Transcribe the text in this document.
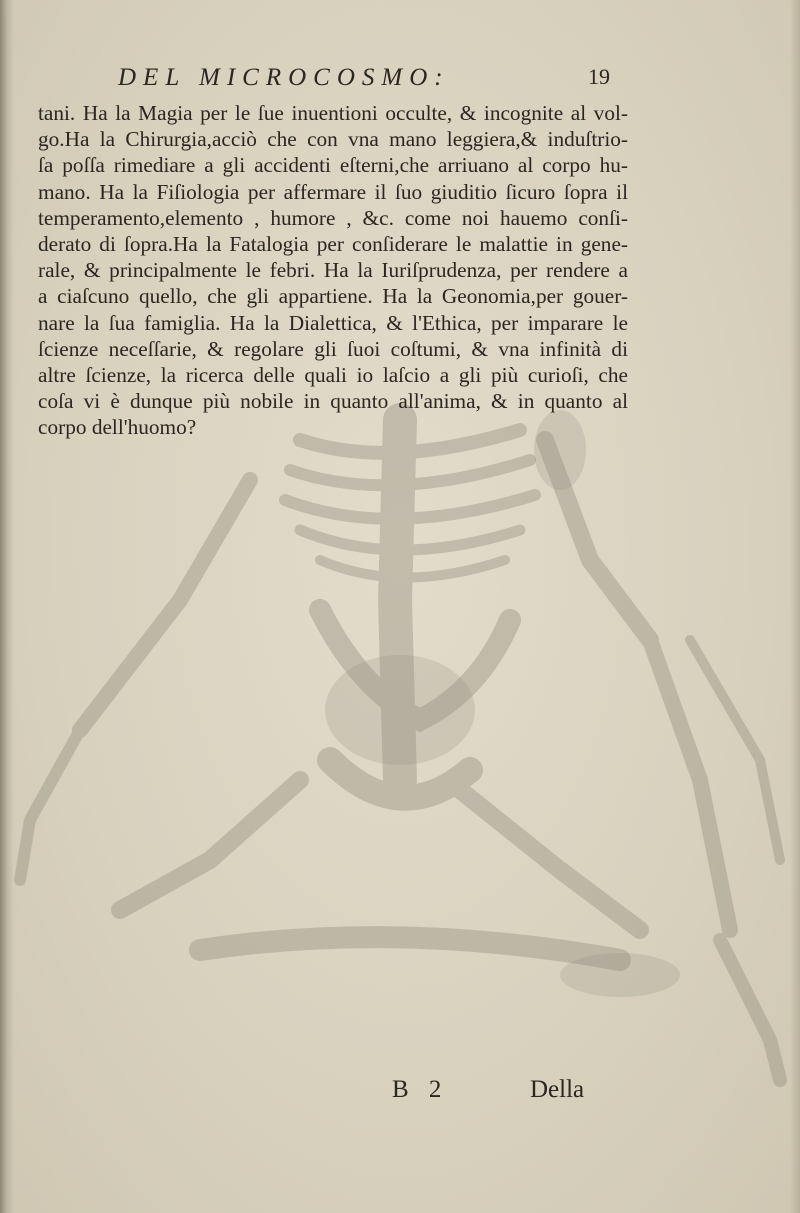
DEL MICROCOSMO:	19
tani. Ha la Magia per le ſue inuentioni occulte, & incognite al vol-
go.Ha la Chirurgia,acciò che con vna mano leggiera,& induſtrio-
ſa poſſa rimediare a gli accidenti eſterni,che arriuano al corpo hu-
mano. Ha la Fiſiologia per affermare il ſuo giuditio ſicuro ſopra il
temperamento,elemento , humore , &c. come noi hauemo conſi-
derato di ſopra.Ha la Fatalogia per conſiderare le malattie in gene-
rale, & principalmente le febri. Ha la Iuriſprudenza, per rendere a
a ciaſcuno quello, che gli appartiene. Ha la Geonomia,per gouer-
nare la ſua famiglia. Ha la Dialettica, & l'Ethica, per imparare le
ſcienze neceſſarie, & regolare gli ſuoi coſtumi, & vna infinità di
altre ſcienze, la ricerca delle quali io laſcio a gli più curioſi, che
coſa vi è dunque più nobile in quanto all'anima, & in quanto al
corpo dell'huomo?
B 2	Della
